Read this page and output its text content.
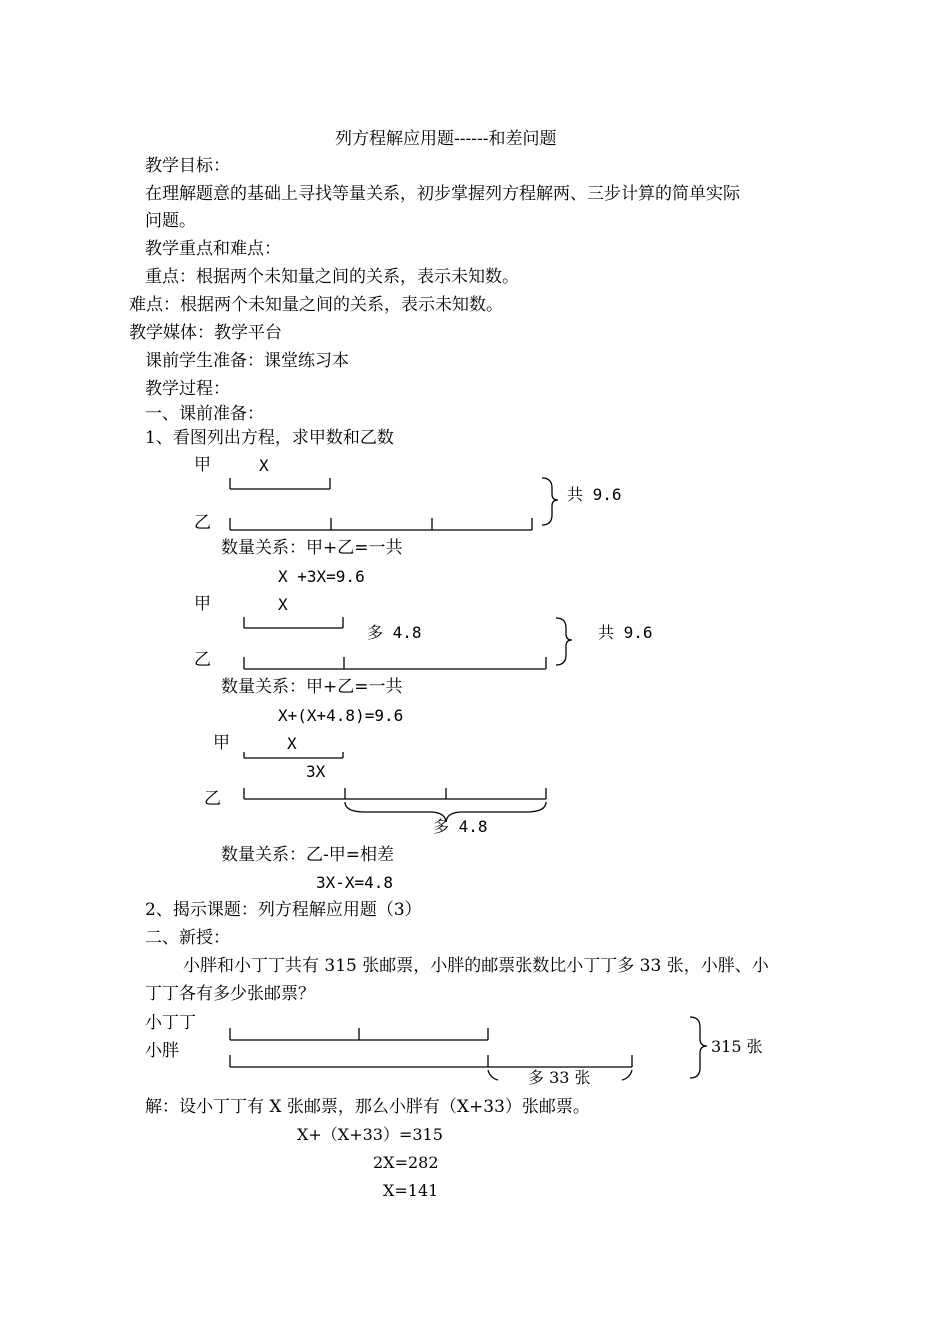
列方程解应用题------和差问题
教学目标：
在理解题意的基础上寻找等量关系，初步掌握列方程解两、三步计算的简单实际
问题。
教学重点和难点：
重点：根据两个未知量之间的关系，表示未知数。
难点：根据两个未知量之间的关系，表示未知数。
教学媒体：教学平台
课前学生准备：课堂练习本
教学过程：
一、课前准备：
1、看图列出方程，求甲数和乙数
甲	X
乙
共 9.6
数量关系：甲+乙=一共
X +3X=9.6
甲	X
多 4.8	共 9.6
乙
数量关系：甲+乙=一共
X+(X+4.8)=9.6
甲	X
3X
乙
多 4.8
数量关系：乙-甲=相差
3X-X=4.8
2、揭示课题：列方程解应用题（3）
二、新授：
小胖和小丁丁共有 315 张邮票，小胖的邮票张数比小丁丁多 33 张，小胖、小
丁丁各有多少张邮票？
小丁丁
小胖	315 张
多 33 张
解：设小丁丁有 X 张邮票，那么小胖有（X+33）张邮票。
X+（X+33）=315
2X=282
X=141
